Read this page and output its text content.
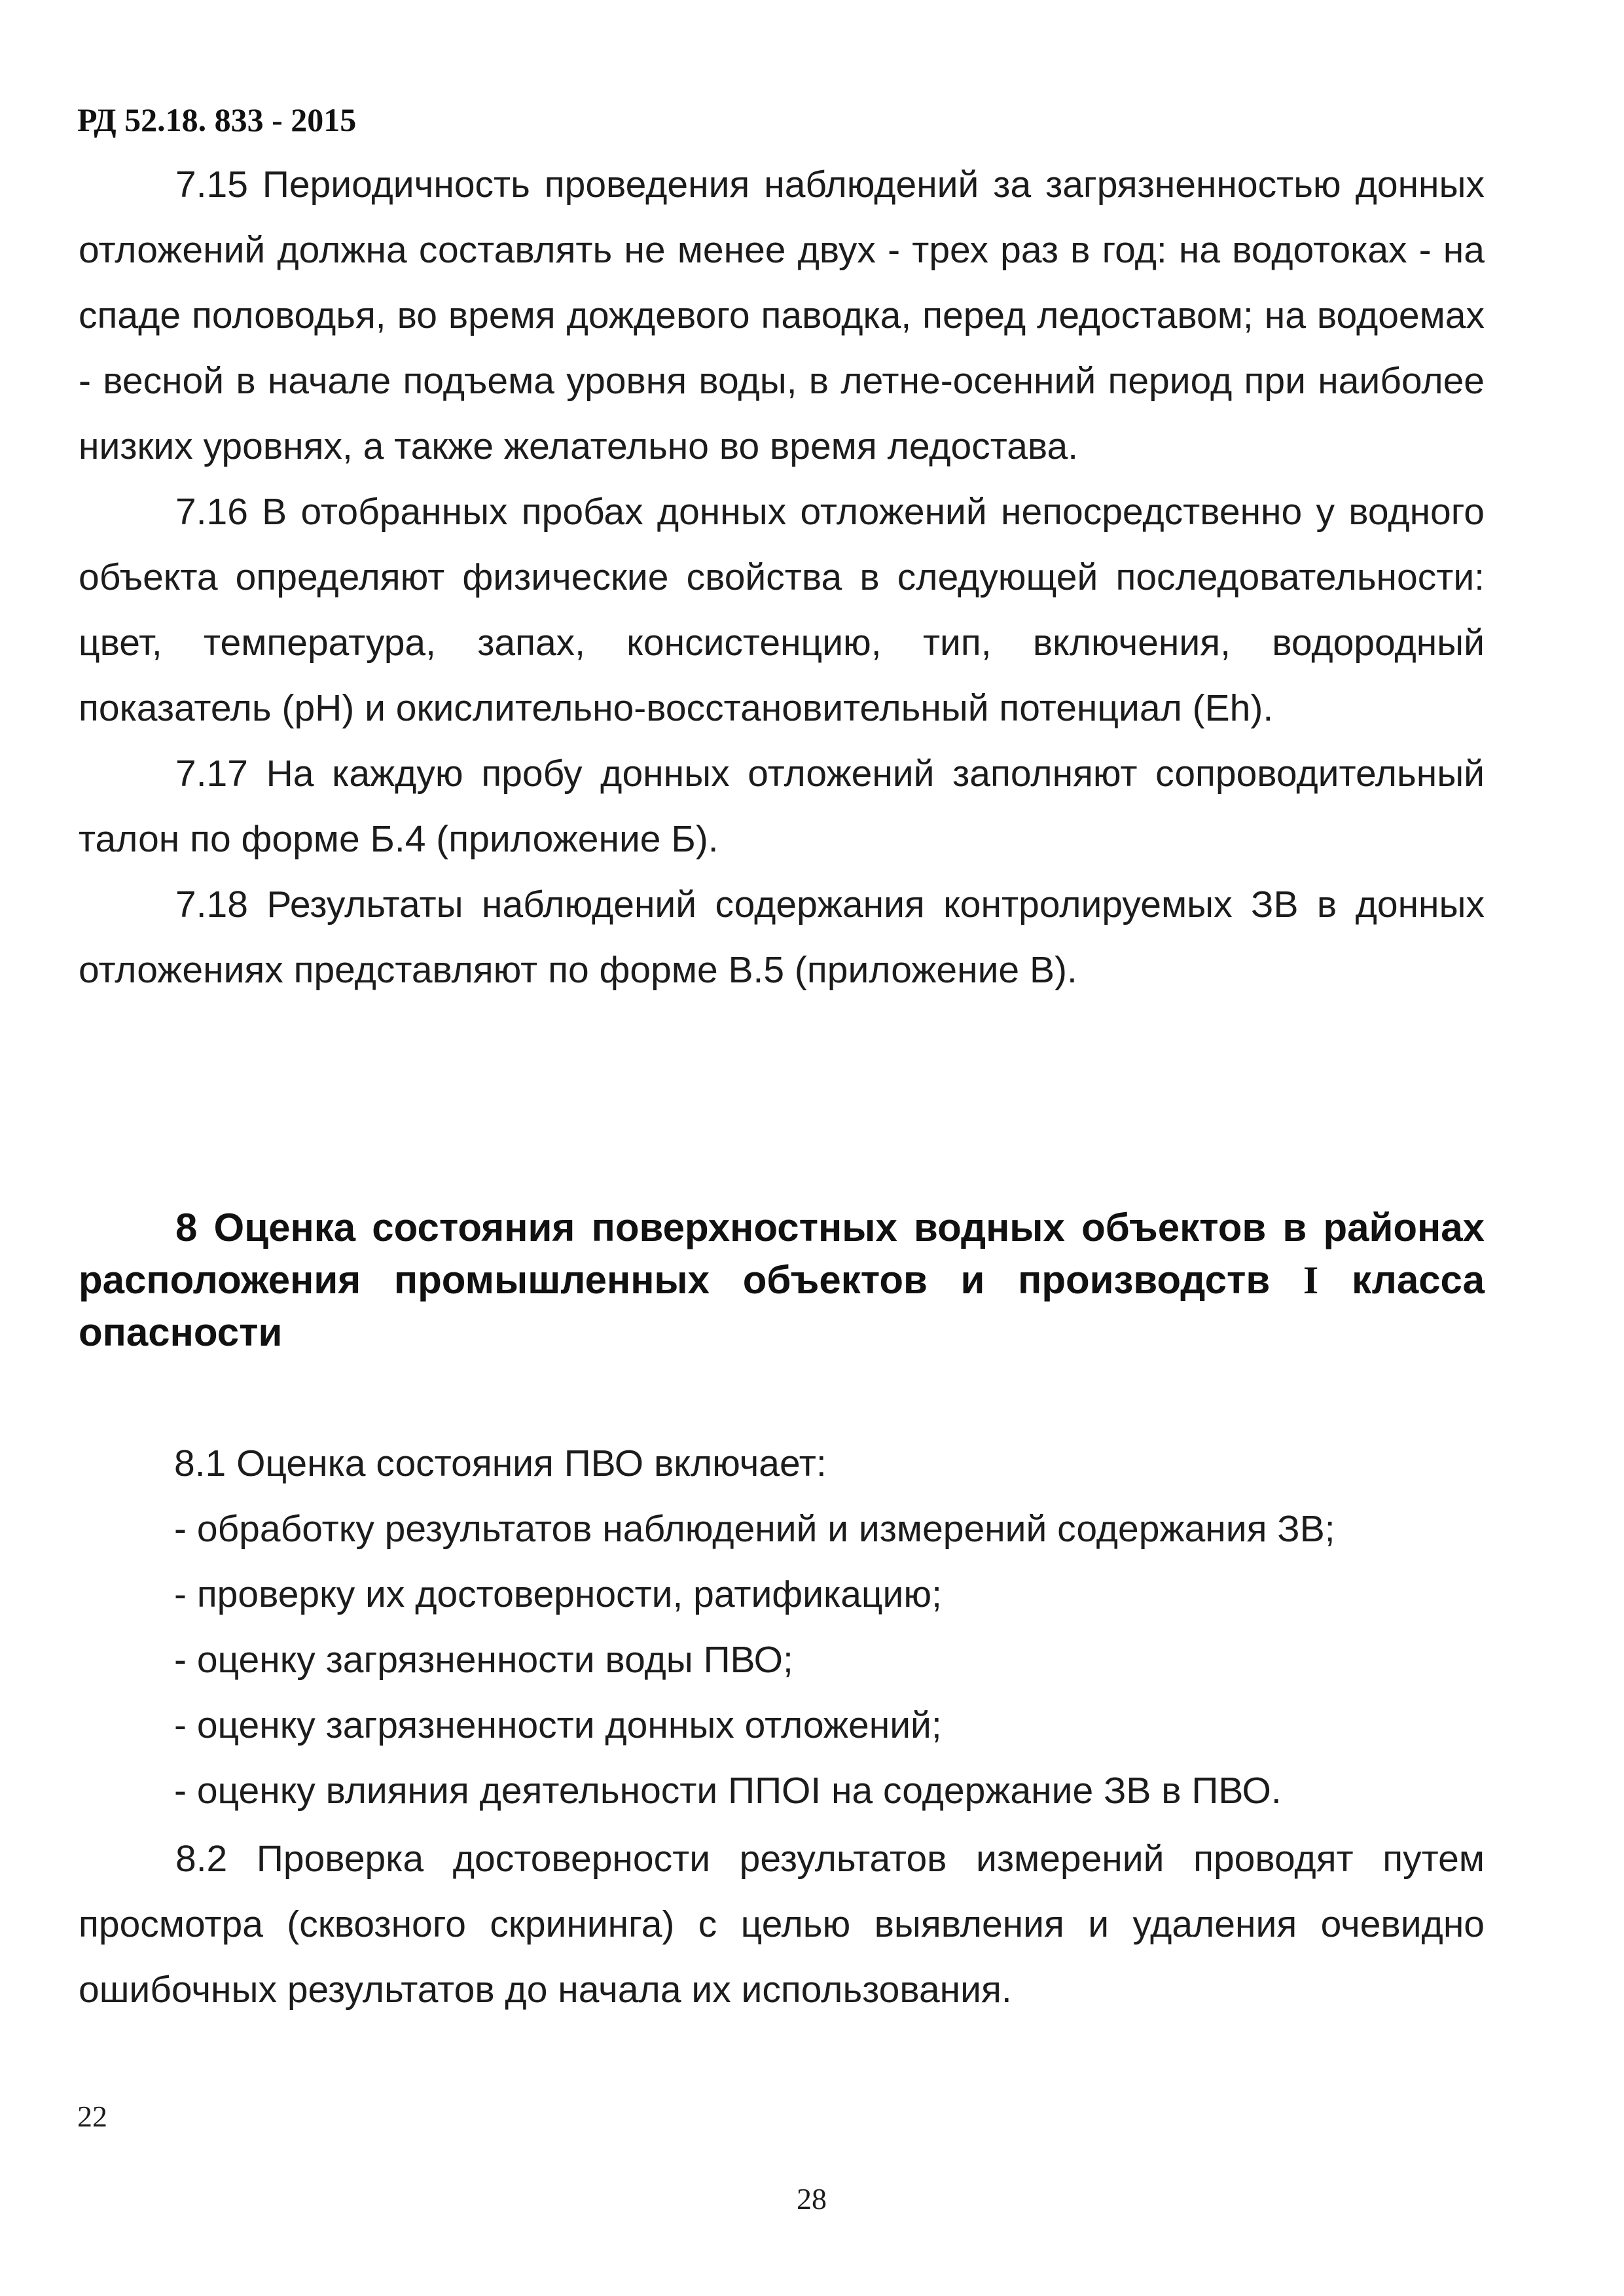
РД 52.18. 833 - 2015

7.15 Периодичность проведения наблюдений за загрязненностью донных отложений должна составлять не менее двух - трех раз в год: на водотоках - на спаде половодья, во время дождевого паводка, перед ледоставом; на водоемах - весной в начале подъема уровня воды, в летне-осенний период при наиболее низких уровнях, а также желательно во время ледостава.

7.16 В отобранных пробах донных отложений непосредственно у водного объекта определяют физические свойства в следующей последовательности: цвет, температура, запах, консистенцию, тип, включения, водородный показатель (pH) и окислительно-восстановительный потенциал (Eh).

7.17 На каждую пробу донных отложений заполняют сопроводительный талон по форме Б.4 (приложение Б).

7.18 Результаты наблюдений содержания контролируемых ЗВ в донных отложениях представляют по форме В.5 (приложение В).

8 Оценка состояния поверхностных водных объектов в районах расположения промышленных объектов и производств I класса опасности

8.1 Оценка состояния ПВО включает:

- обработку результатов наблюдений и измерений содержания ЗВ;

- проверку их достоверности, ратификацию;

- оценку загрязненности воды ПВО;

- оценку загрязненности донных отложений;

- оценку влияния деятельности ППОI на содержание ЗВ в ПВО.

8.2 Проверка достоверности результатов измерений проводят путем просмотра (сквозного скрининга) с целью выявления и удаления очевидно ошибочных результатов до начала их использования.

22

28
